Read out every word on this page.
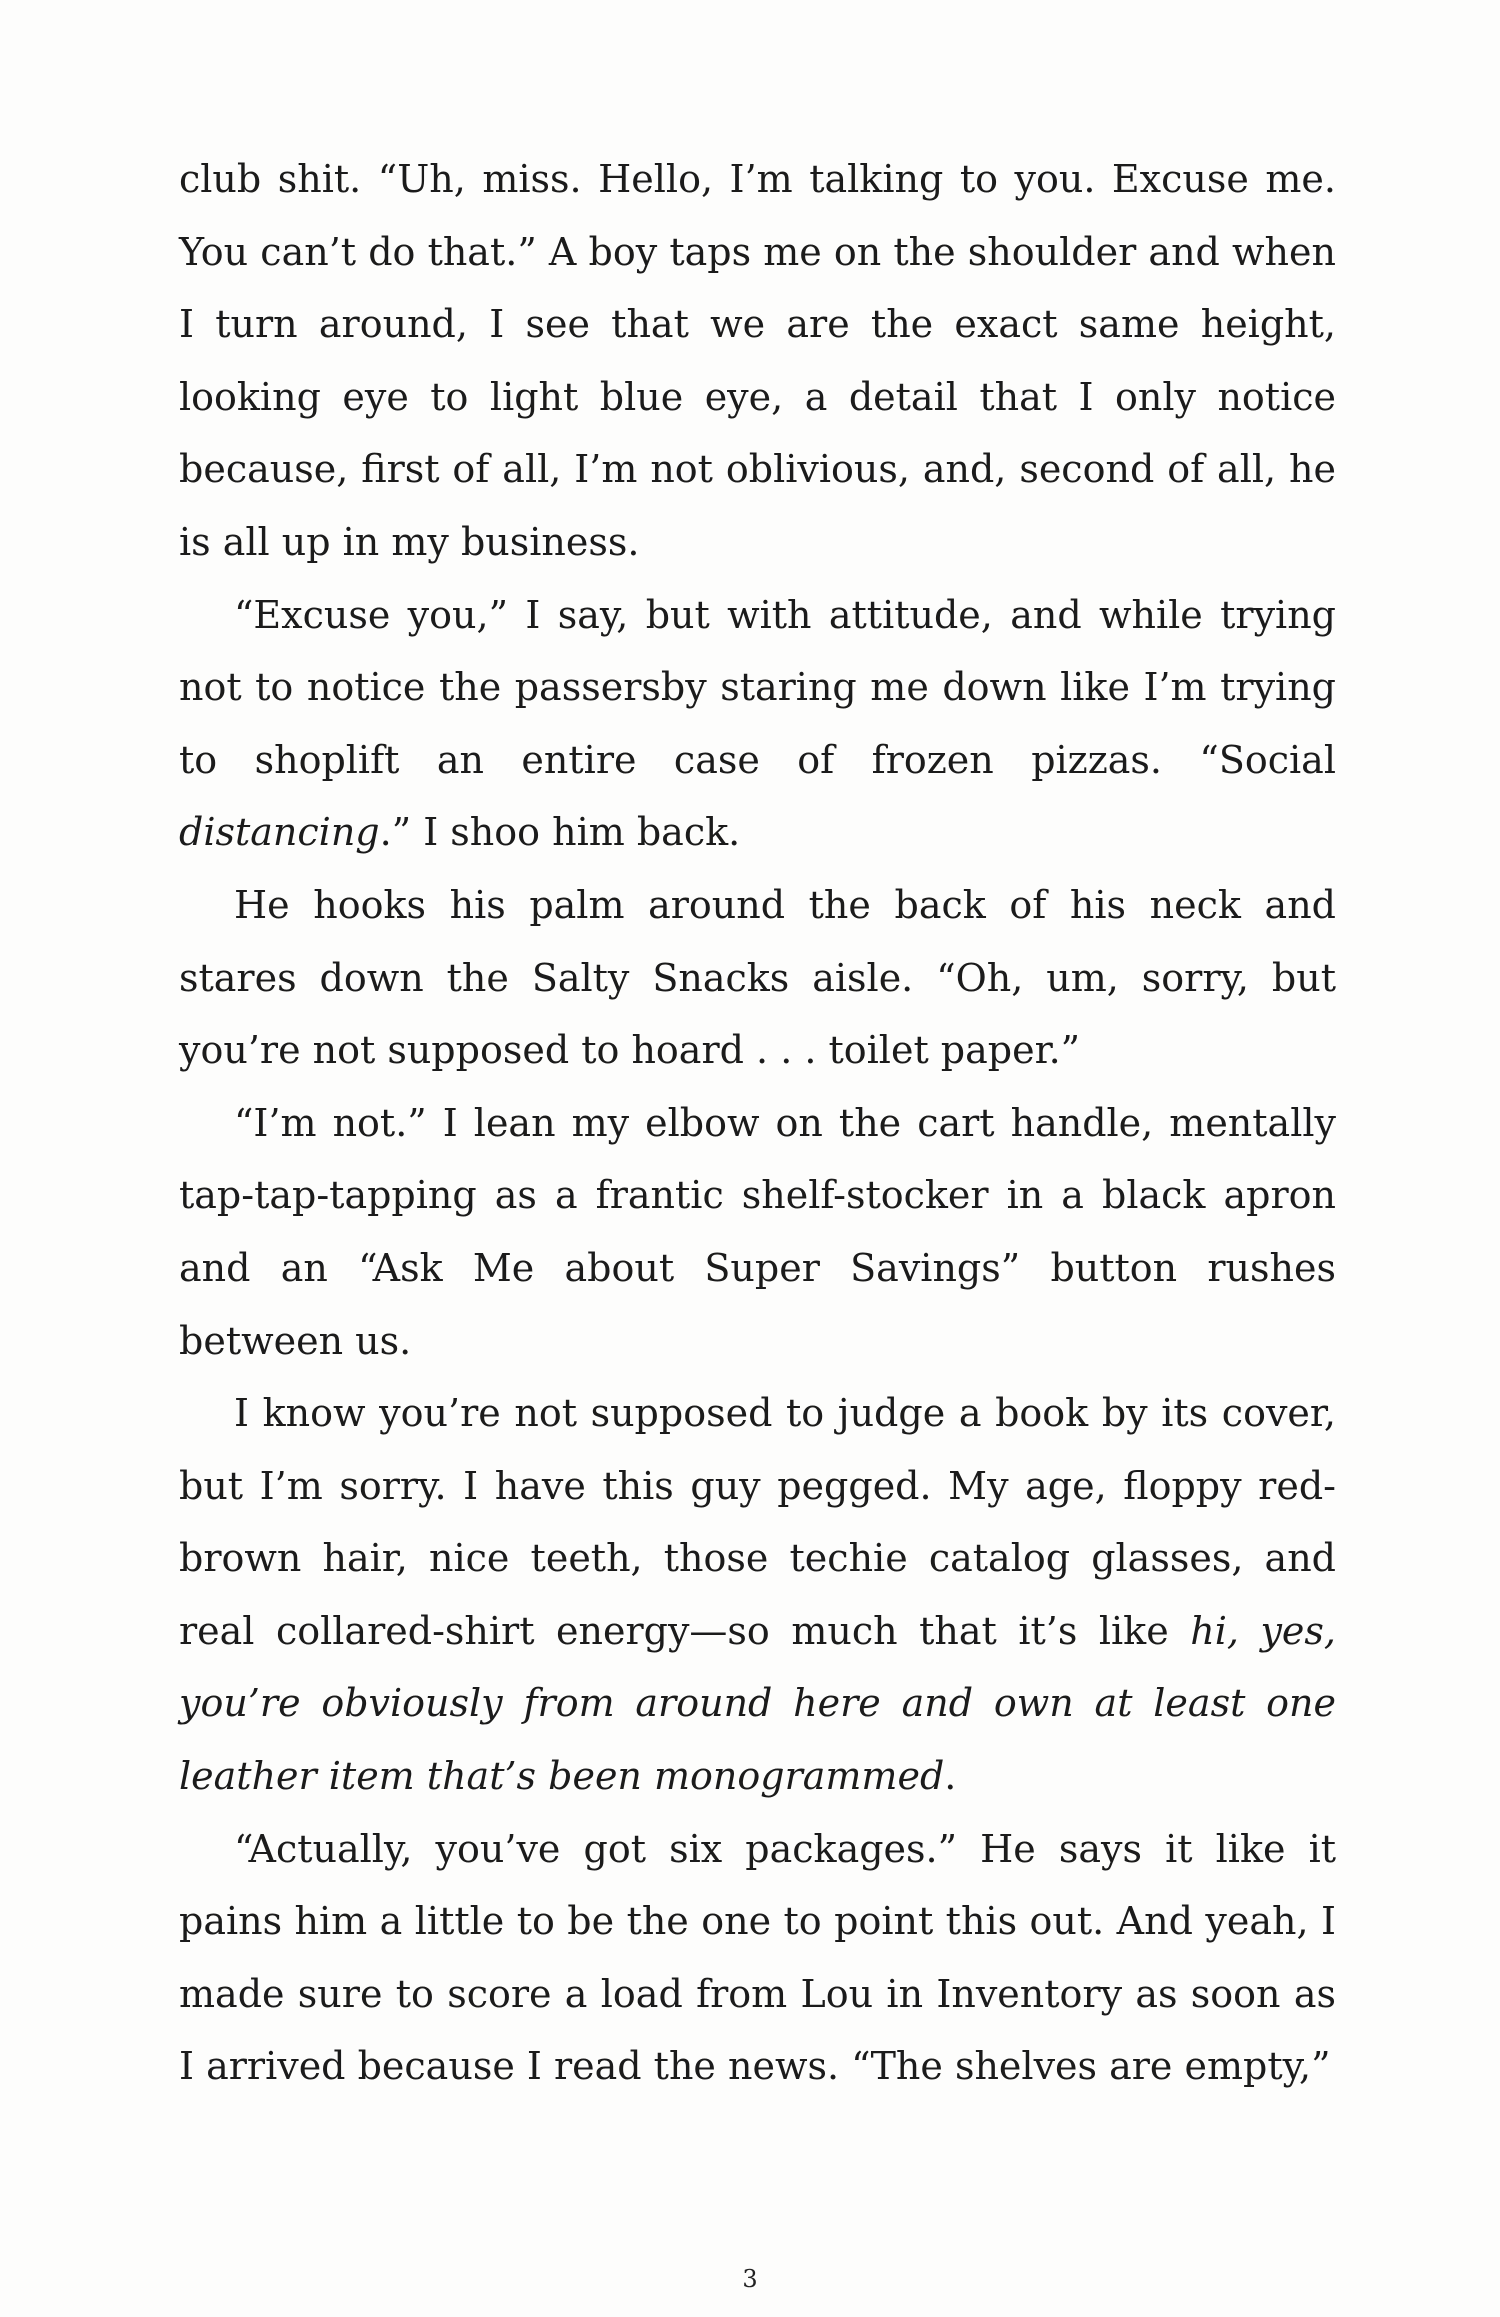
club shit. “Uh, miss. Hello, I’m talking to you. Excuse me. You can’t do that.” A boy taps me on the shoulder and when I turn around, I see that we are the exact same height, looking eye to light blue eye, a detail that I only notice because, first of all, I’m not oblivious, and, second of all, he is all up in my business.

“Excuse you,” I say, but with attitude, and while trying not to notice the passersby staring me down like I’m trying to shoplift an entire case of frozen pizzas. “Social distancing.” I shoo him back.

He hooks his palm around the back of his neck and stares down the Salty Snacks aisle. “Oh, um, sorry, but you’re not supposed to hoard . . . toilet paper.”

“I’m not.” I lean my elbow on the cart handle, mentally tap-tap-tapping as a frantic shelf-stocker in a black apron and an “Ask Me about Super Savings” button rushes between us.

I know you’re not supposed to judge a book by its cover, but I’m sorry. I have this guy pegged. My age, floppy redbrown hair, nice teeth, those techie catalog glasses, and real collared-shirt energy—so much that it’s like hi, yes, you’re obviously from around here and own at least one leather item that’s been monogrammed.

“Actually, you’ve got six packages.” He says it like it pains him a little to be the one to point this out. And yeah, I made sure to score a load from Lou in Inventory as soon as I arrived because I read the news. “The shelves are empty,”

3
